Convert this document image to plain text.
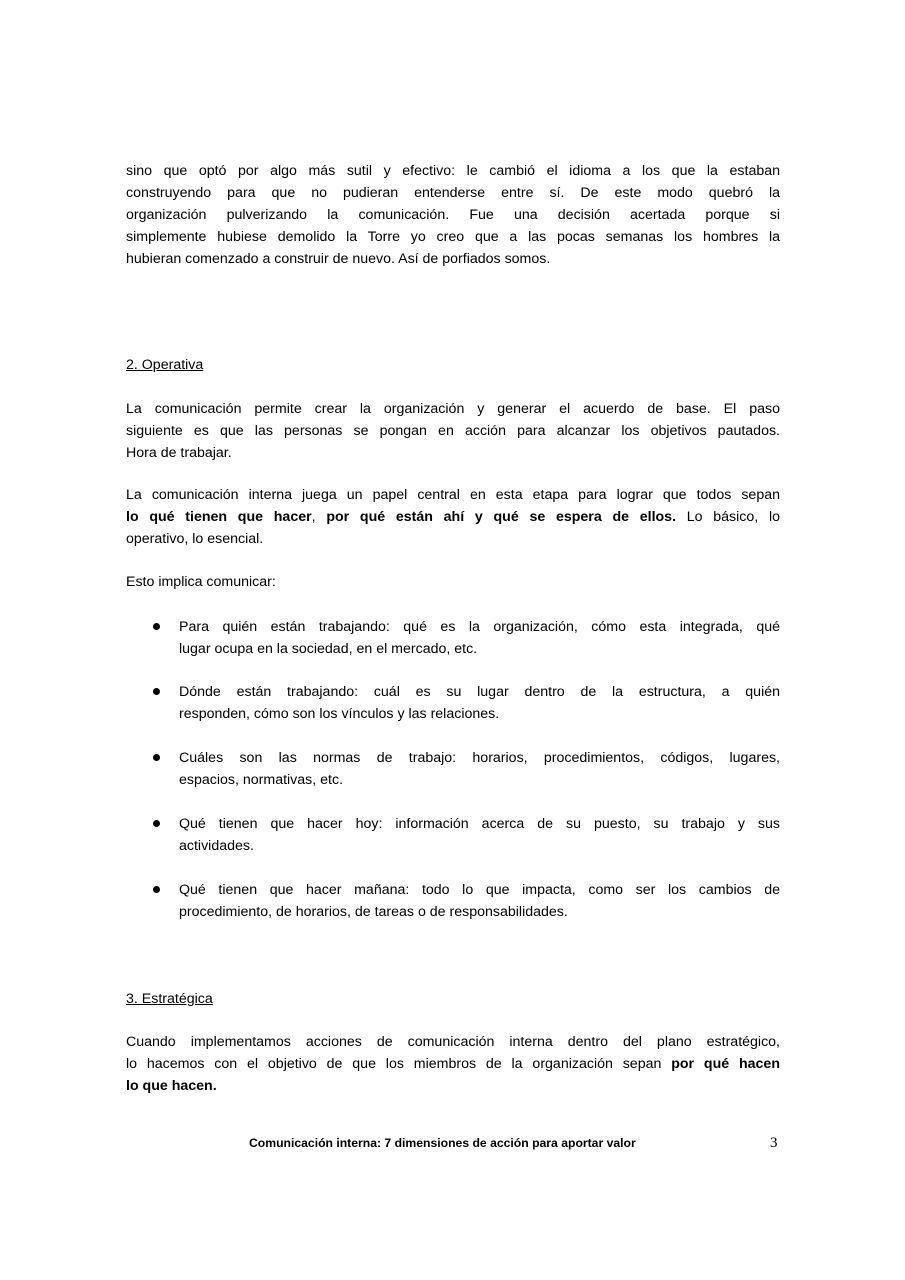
sino que optó por algo más sutil y efectivo: le cambió el idioma a los que la estaban
construyendo para que no pudieran entenderse entre sí. De este modo quebró la
organización pulverizando la comunicación. Fue una decisión acertada porque si
simplemente hubiese demolido la Torre yo creo que a las pocas semanas los hombres la
hubieran comenzado a construir de nuevo. Así de porfiados somos.
2. Operativa
La comunicación permite crear la organización y generar el acuerdo de base. El paso
siguiente es que las personas se pongan en acción para alcanzar los objetivos pautados.
Hora de trabajar.
La comunicación interna juega un papel central en esta etapa para lograr que todos sepan
lo qué tienen que hacer, por qué están ahí y qué se espera de ellos. Lo básico, lo
operativo, lo esencial.
Esto implica comunicar:
Para quién están trabajando: qué es la organización, cómo esta integrada, qué
lugar ocupa en la sociedad, en el mercado, etc.
Dónde están trabajando: cuál es su lugar dentro de la estructura, a quién
responden, cómo son los vínculos y las relaciones.
Cuáles son las normas de trabajo: horarios, procedimientos, códigos, lugares,
espacios, normativas, etc.
Qué tienen que hacer hoy: información acerca de su puesto, su trabajo y sus
actividades.
Qué tienen que hacer mañana: todo lo que impacta, como ser los cambios de
procedimiento, de horarios, de tareas o de responsabilidades.
3. Estratégica
Cuando implementamos acciones de comunicación interna dentro del plano estratégico,
lo hacemos con el objetivo de que los miembros de la organización sepan por qué hacen
lo que hacen.
Comunicación interna: 7 dimensiones de acción para aportar valor	3
